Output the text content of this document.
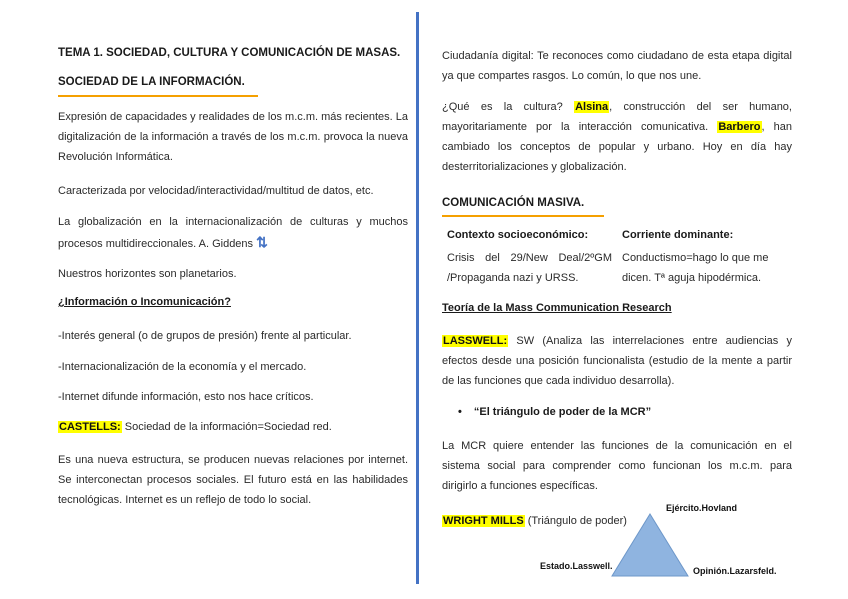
TEMA 1. SOCIEDAD, CULTURA Y COMUNICACIÓN DE MASAS.
SOCIEDAD DE LA INFORMACIÓN.
Expresión de capacidades y realidades de los m.c.m. más recientes. La digitalización de la información a través de los m.c.m. provoca la nueva Revolución Informática.
Caracterizada por velocidad/interactividad/multitud de datos, etc.
La globalización en la internacionalización de culturas y muchos procesos multidireccionales. A. Giddens ⇅
Nuestros horizontes son planetarios.
¿Información o Incomunicación?
-Interés general (o de grupos de presión) frente al particular.
-Internacionalización de la economía y el mercado.
-Internet difunde información, esto nos hace críticos.
CASTELLS: Sociedad de la información=Sociedad red.
Es una nueva estructura, se producen nuevas relaciones por internet. Se interconectan procesos sociales. El futuro está en las habilidades tecnológicas. Internet es un reflejo de todo lo social.
Ciudadanía digital: Te reconoces como ciudadano de esta etapa digital ya que compartes rasgos. Lo común, lo que nos une.
¿Qué es la cultura? Alsina, construcción del ser humano, mayoritariamente por la interacción comunicativa. Barbero, han cambiado los conceptos de popular y urbano. Hoy en día hay desterritorializaciones y globalización.
COMUNICACIÓN MASIVA.
Contexto socioeconómico:
Crisis del 29/New Deal/2ºGM /Propaganda nazi y URSS.
Corriente dominante:
Conductismo=hago lo que me dicen. Tª aguja hipodérmica.
Teoría de la Mass Communication Research
LASSWELL: SW (Analiza las interrelaciones entre audiencias y efectos desde una posición funcionalista (estudio de la mente a partir de las funciones que cada individuo desarrolla).
• “El triángulo de poder de la MCR”
La MCR quiere entender las funciones de la comunicación en el sistema social para comprender como funcionan los m.c.m. para dirigirlo a funciones específicas.
WRIGHT MILLS (Triángulo de poder)
Ejército.Hovland
Estado.Lasswell.	Opinión.Lazarsfeld.
